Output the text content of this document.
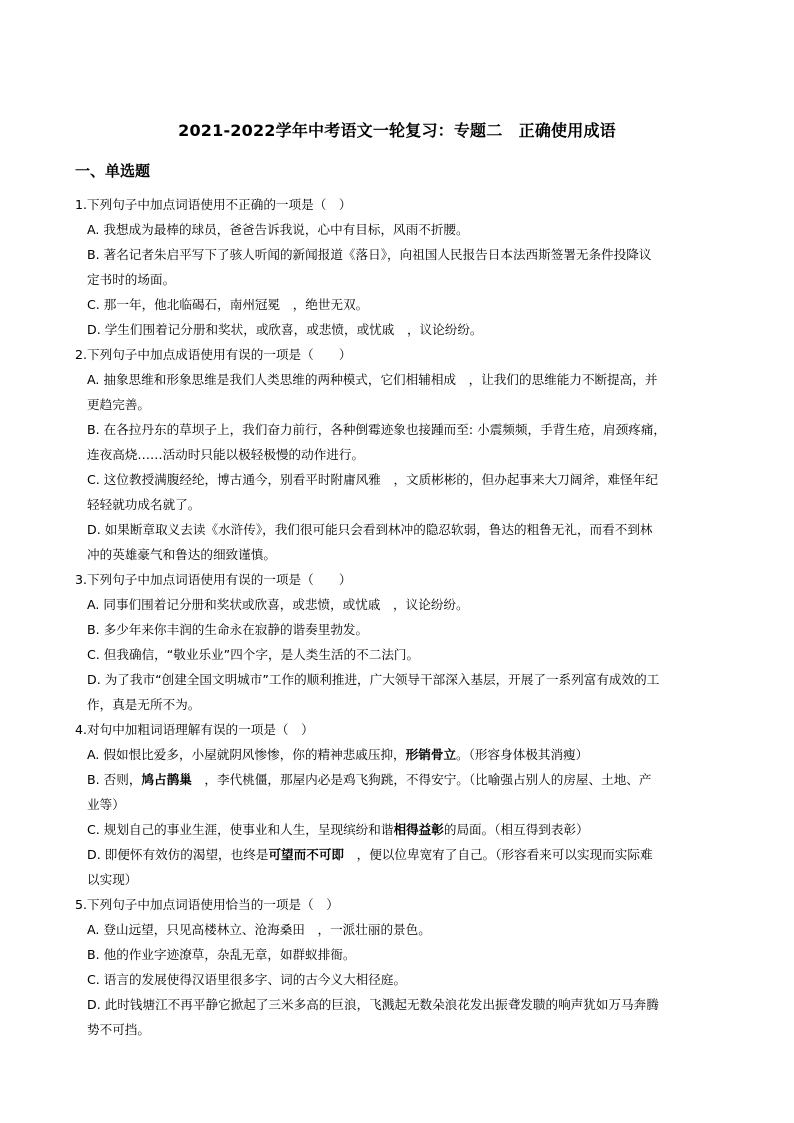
2021-2022学年中考语文一轮复习：专题二　正确使用成语
一、单选题
1.下列句子中加点词语使用不正确的一项是（　）
A. 我想成为最棒的球员，爸爸告诉我说，心中有目标，风雨不折腰。
B. 著名记者朱启平写下了骇人听闻的新闻报道《落日》，向祖国人民报告日本法西斯签署无条件投降议
定书时的场面。
C. 那一年，他北临碣石，南州冠冕　，绝世无双。
D. 学生们围着记分册和奖状，或欣喜，或悲愤，或忧戚　，议论纷纷。
2.下列句子中加点成语使用有误的一项是（　　）
A. 抽象思维和形象思维是我们人类思维的两种模式，它们相辅相成　，让我们的思维能力不断提高，并
更趋完善。
B. 在各拉丹东的草坝子上，我们奋力前行，各种倒霉迹象也接踵而至: 小震频频，手背生疮，肩颈疼痛，
连夜高烧……活动时只能以极轻极慢的动作进行。
C. 这位教授满腹经纶，博古通今，别看平时附庸风雅　，文质彬彬的，但办起事来大刀阔斧，难怪年纪
轻轻就功成名就了。
D. 如果断章取义去读《水浒传》，我们很可能只会看到林冲的隐忍软弱，鲁达的粗鲁无礼，而看不到林
冲的英雄豪气和鲁达的细致谨慎。
3.下列句子中加点词语使用有误的一项是（　　）
A. 同事们围着记分册和奖状或欣喜，或悲愤，或忧戚　，议论纷纷。
B. 多少年来你丰润的生命永在寂静的谐奏里勃发。
C. 但我确信，“敬业乐业”四个字，是人类生活的不二法门。
D. 为了我市“创建全国文明城市”工作的顺利推进，广大领导干部深入基层，开展了一系列富有成效的工
作，真是无所不为。
4.对句中加粗词语理解有误的一项是（　）
A. 假如恨比爱多，小屋就阴风惨惨，你的精神悲戚压抑，形销骨立。（形容身体极其消瘦）
B. 否则，鸠占鹊巢　，李代桃僵，那屋内必是鸡飞狗跳，不得安宁。（比喻强占别人的房屋、土地、产
业等）
C. 规划自己的事业生涯，使事业和人生，呈现缤纷和谐相得益彰的局面。（相互得到表彰）
D. 即便怀有效仿的渴望，也终是可望而不可即　，便以位卑宽宥了自己。（形容看来可以实现而实际难
以实现）
5.下列句子中加点词语使用恰当的一项是（　）
A. 登山远望，只见高楼林立、沧海桑田　，一派壮丽的景色。
B. 他的作业字迹潦草，杂乱无章，如群蚁排衙。
C. 语言的发展使得汉语里很多字、词的古今义大相径庭。
D. 此时钱塘江不再平静它掀起了三米多高的巨浪，飞溅起无数朵浪花发出振聋发聩的响声犹如万马奔腾
势不可挡。
